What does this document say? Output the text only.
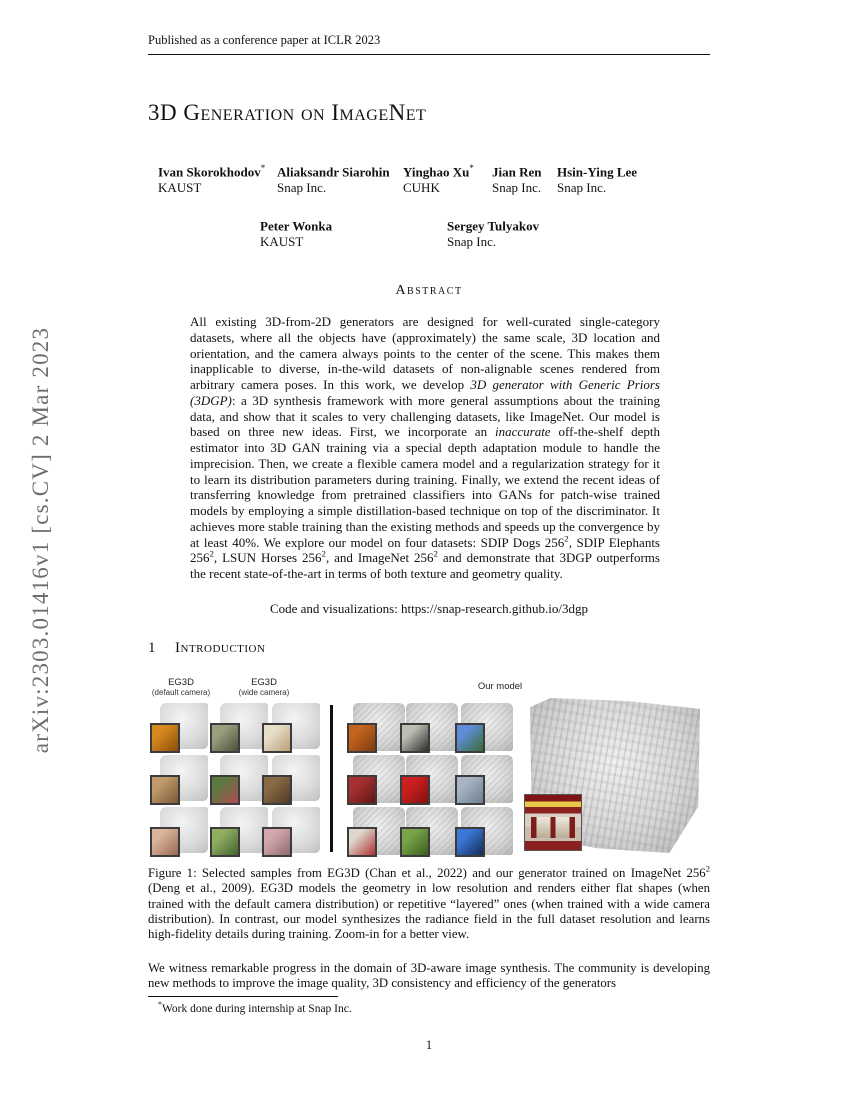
arXiv:2303.01416v1 [cs.CV] 2 Mar 2023
Published as a conference paper at ICLR 2023
3D Generation on ImageNet
Ivan Skorokhodov*
KAUST
Aliaksandr Siarohin
Snap Inc.
Yinghao Xu*
CUHK
Jian Ren
Snap Inc.
Hsin-Ying Lee
Snap Inc.
Peter Wonka
KAUST
Sergey Tulyakov
Snap Inc.
Abstract
All existing 3D-from-2D generators are designed for well-curated single-category datasets, where all the objects have (approximately) the same scale, 3D location and orientation, and the camera always points to the center of the scene. This makes them inapplicable to diverse, in-the-wild datasets of non-alignable scenes rendered from arbitrary camera poses. In this work, we develop 3D generator with Generic Priors (3DGP): a 3D synthesis framework with more general assumptions about the training data, and show that it scales to very challenging datasets, like ImageNet. Our model is based on three new ideas. First, we incorporate an inaccurate off-the-shelf depth estimator into 3D GAN training via a special depth adaptation module to handle the imprecision. Then, we create a flexible camera model and a regularization strategy for it to learn its distribution parameters during training. Finally, we extend the recent ideas of transferring knowledge from pretrained classifiers into GANs for patch-wise trained models by employing a simple distillation-based technique on top of the discriminator. It achieves more stable training than the existing methods and speeds up the convergence by at least 40%. We explore our model on four datasets: SDIP Dogs $256^2$, SDIP Elephants $256^2$, LSUN Horses $256^2$, and ImageNet $256^2$ and demonstrate that 3DGP outperforms the recent state-of-the-art in terms of both texture and geometry quality.
Code and visualizations: https://snap-research.github.io/3dgp
1 Introduction
EG3D
(default camera)
EG3D
(wide camera)
Our model
Figure 1: Selected samples from EG3D (Chan et al., 2022) and our generator trained on ImageNet $256^2$ (Deng et al., 2009). EG3D models the geometry in low resolution and renders either flat shapes (when trained with the default camera distribution) or repetitive “layered” ones (when trained with a wide camera distribution). In contrast, our model synthesizes the radiance field in the full dataset resolution and learns high-fidelity details during training. Zoom-in for a better view.
We witness remarkable progress in the domain of 3D-aware image synthesis. The community is developing new methods to improve the image quality, 3D consistency and efficiency of the generators
*Work done during internship at Snap Inc.
1
